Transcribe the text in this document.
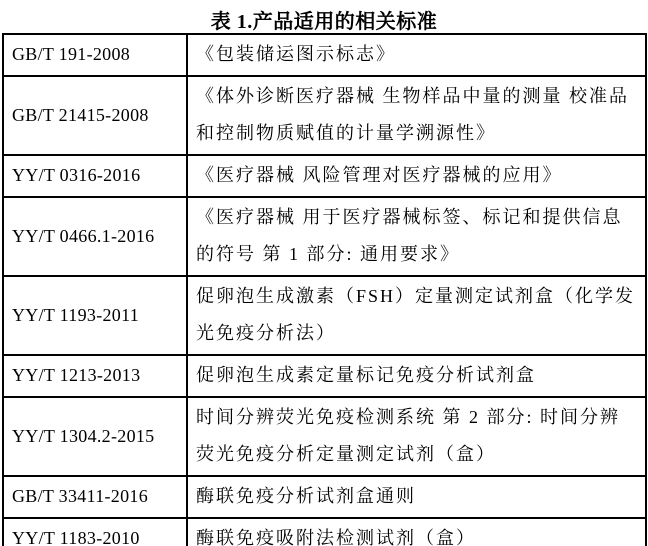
表 1.产品适用的相关标准
GB/T 191-2008	《包装储运图示标志》
GB/T 21415-2008	《体外诊断医疗器械 生物样品中量的测量 校准品和控制物质赋值的计量学溯源性》
YY/T 0316-2016	《医疗器械 风险管理对医疗器械的应用》
YY/T 0466.1-2016	《医疗器械 用于医疗器械标签、标记和提供信息的符号 第 1 部分: 通用要求》
YY/T 1193-2011	促卵泡生成激素（FSH）定量测定试剂盒（化学发光免疫分析法）
YY/T 1213-2013	促卵泡生成素定量标记免疫分析试剂盒
YY/T 1304.2-2015	时间分辨荧光免疫检测系统 第 2 部分: 时间分辨荧光免疫分析定量测定试剂（盒）
GB/T 33411-2016	酶联免疫分析试剂盒通则
YY/T 1183-2010	酶联免疫吸附法检测试剂（盒）
